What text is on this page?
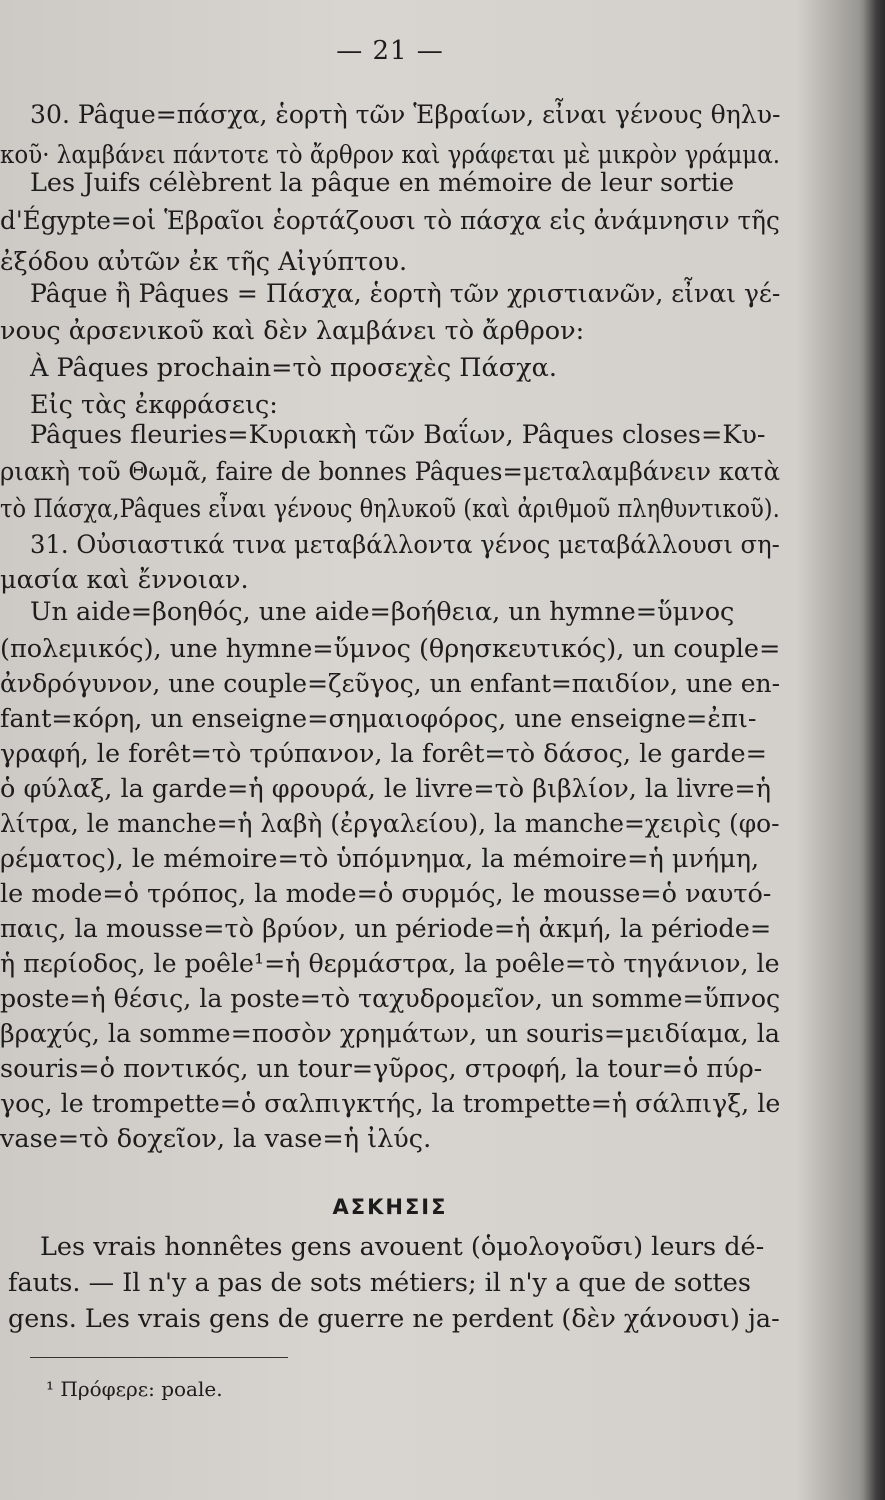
— 21 —
30. Pâque=πάσχα, ἑορτὴ τῶν Ἑβραίων, εἶναι γένους θηλυ-
κοῦ· λαμβάνει πάντοτε τὸ ἄρθρον καὶ γράφεται μὲ μικρὸν γράμμα.
Les Juifs célèbrent la pâque en mémoire de leur sortie
d'Égypte=οἱ Ἑβραῖοι ἑορτάζουσι τὸ πάσχα εἰς ἀνάμνησιν τῆς
ἐξόδου αὐτῶν ἐκ τῆς Αἰγύπτου.
Pâque ἢ Pâques = Πάσχα, ἑορτὴ τῶν χριστιανῶν, εἶναι γέ-
νους ἀρσενικοῦ καὶ δὲν λαμβάνει τὸ ἄρθρον:
À Pâques prochain=τὸ προσεχὲς Πάσχα.
Εἰς τὰς ἐκφράσεις:
Pâques fleuries=Κυριακὴ τῶν Βαΐων, Pâques closes=Κυ-
ριακὴ τοῦ Θωμᾶ, faire de bonnes Pâques=μεταλαμβάνειν κατὰ
τὸ Πάσχα,Pâques εἶναι γένους θηλυκοῦ (καὶ ἀριθμοῦ πληθυντικοῦ).
31. Οὐσιαστικά τινα μεταβάλλοντα γένος μεταβάλλουσι ση-
μασία καὶ ἔννοιαν.
Un aide=βοηθός, une aide=βοήθεια, un hymne=ὕμνος
(πολεμικός), une hymne=ὕμνος (θρησκευτικός), un couple=
ἀνδρόγυνον, une couple=ζεῦγος, un enfant=παιδίον, une en-
fant=κόρη, un enseigne=σημαιοφόρος, une enseigne=ἐπι-
γραφή, le forêt=τὸ τρύπανον, la forêt=τὸ δάσος, le garde=
ὁ φύλαξ, la garde=ἡ φρουρά, le livre=τὸ βιβλίον, la livre=ἡ
λίτρα, le manche=ἡ λαβὴ (ἐργαλείου), la manche=χειρὶς (φο-
ρέματος), le mémoire=τὸ ὑπόμνημα, la mémoire=ἡ μνήμη,
le mode=ὁ τρόπος, la mode=ὁ συρμός, le mousse=ὁ ναυτό-
παις, la mousse=τὸ βρύον, un période=ἡ ἀκμή, la période=
ἡ περίοδος, le poêle¹=ἡ θερμάστρα, la poêle=τὸ τηγάνιον, le
poste=ἡ θέσις, la poste=τὸ ταχυδρομεῖον, un somme=ὕπνος
βραχύς, la somme=ποσὸν χρημάτων, un souris=μειδίαμα, la
souris=ὁ ποντικός, un tour=γῦρος, στροφή, la tour=ὁ πύρ-
γος, le trompette=ὁ σαλπιγκτής, la trompette=ἡ σάλπιγξ, le
vase=τὸ δοχεῖον, la vase=ἡ ἰλύς.
ΑΣΚΗΣΙΣ
Les vrais honnêtes gens avouent (ὁμολογοῦσι) leurs dé-
fauts. — Il n'y a pas de sots métiers; il n'y a que de sottes
gens. Les vrais gens de guerre ne perdent (δὲν χάνουσι) ja-
¹ Πρόφερε: poale.
